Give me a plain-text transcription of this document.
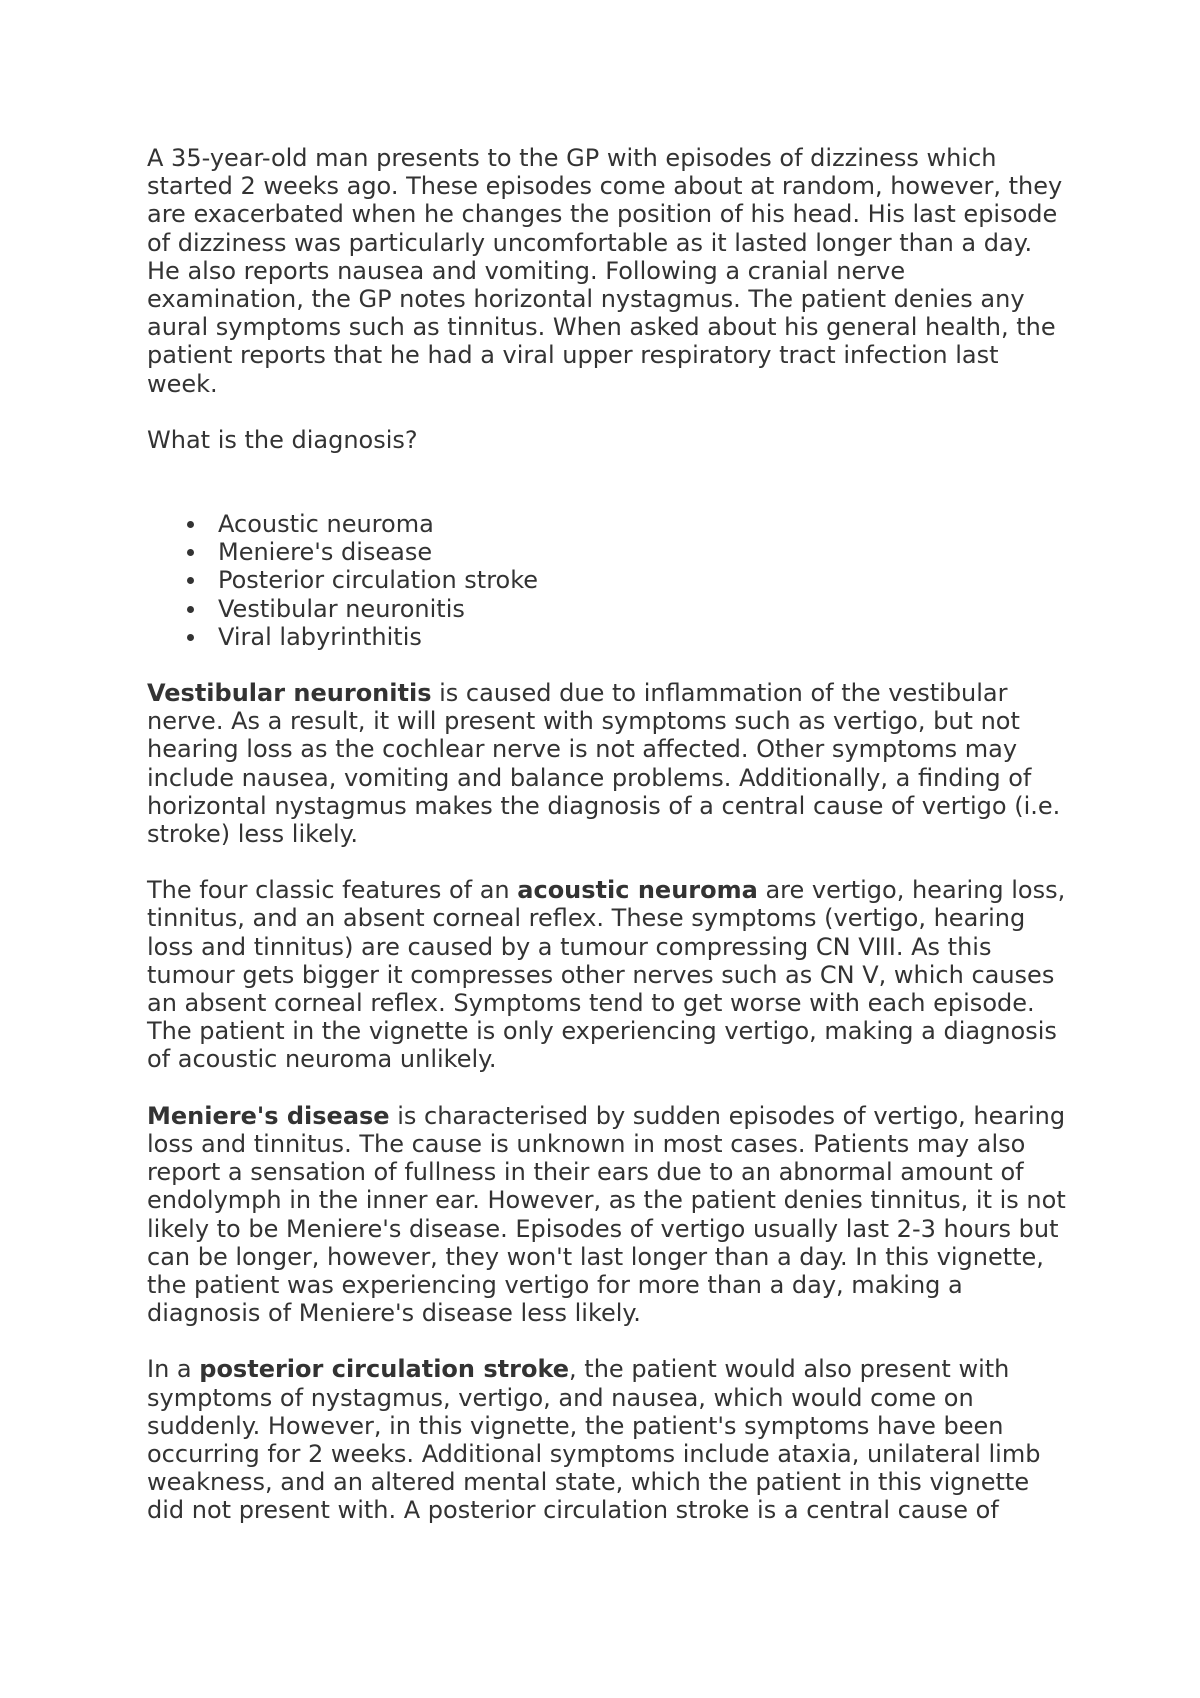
A 35-year-old man presents to the GP with episodes of dizziness which started 2 weeks ago. These episodes come about at random, however, they are exacerbated when he changes the position of his head. His last episode of dizziness was particularly uncomfortable as it lasted longer than a day. He also reports nausea and vomiting. Following a cranial nerve examination, the GP notes horizontal nystagmus. The patient denies any aural symptoms such as tinnitus. When asked about his general health, the patient reports that he had a viral upper respiratory tract infection last week.

What is the diagnosis?

Acoustic neuroma
Meniere's disease
Posterior circulation stroke
Vestibular neuronitis
Viral labyrinthitis

Vestibular neuronitis is caused due to inflammation of the vestibular nerve. As a result, it will present with symptoms such as vertigo, but not hearing loss as the cochlear nerve is not affected. Other symptoms may include nausea, vomiting and balance problems. Additionally, a finding of horizontal nystagmus makes the diagnosis of a central cause of vertigo (i.e. stroke) less likely.

The four classic features of an acoustic neuroma are vertigo, hearing loss, tinnitus, and an absent corneal reflex. These symptoms (vertigo, hearing loss and tinnitus) are caused by a tumour compressing CN VIII. As this tumour gets bigger it compresses other nerves such as CN V, which causes an absent corneal reflex. Symptoms tend to get worse with each episode. The patient in the vignette is only experiencing vertigo, making a diagnosis of acoustic neuroma unlikely.

Meniere's disease is characterised by sudden episodes of vertigo, hearing loss and tinnitus. The cause is unknown in most cases. Patients may also report a sensation of fullness in their ears due to an abnormal amount of endolymph in the inner ear. However, as the patient denies tinnitus, it is not likely to be Meniere's disease. Episodes of vertigo usually last 2-3 hours but can be longer, however, they won't last longer than a day. In this vignette, the patient was experiencing vertigo for more than a day, making a diagnosis of Meniere's disease less likely.

In a posterior circulation stroke, the patient would also present with symptoms of nystagmus, vertigo, and nausea, which would come on suddenly. However, in this vignette, the patient's symptoms have been occurring for 2 weeks. Additional symptoms include ataxia, unilateral limb weakness, and an altered mental state, which the patient in this vignette did not present with. A posterior circulation stroke is a central cause of
